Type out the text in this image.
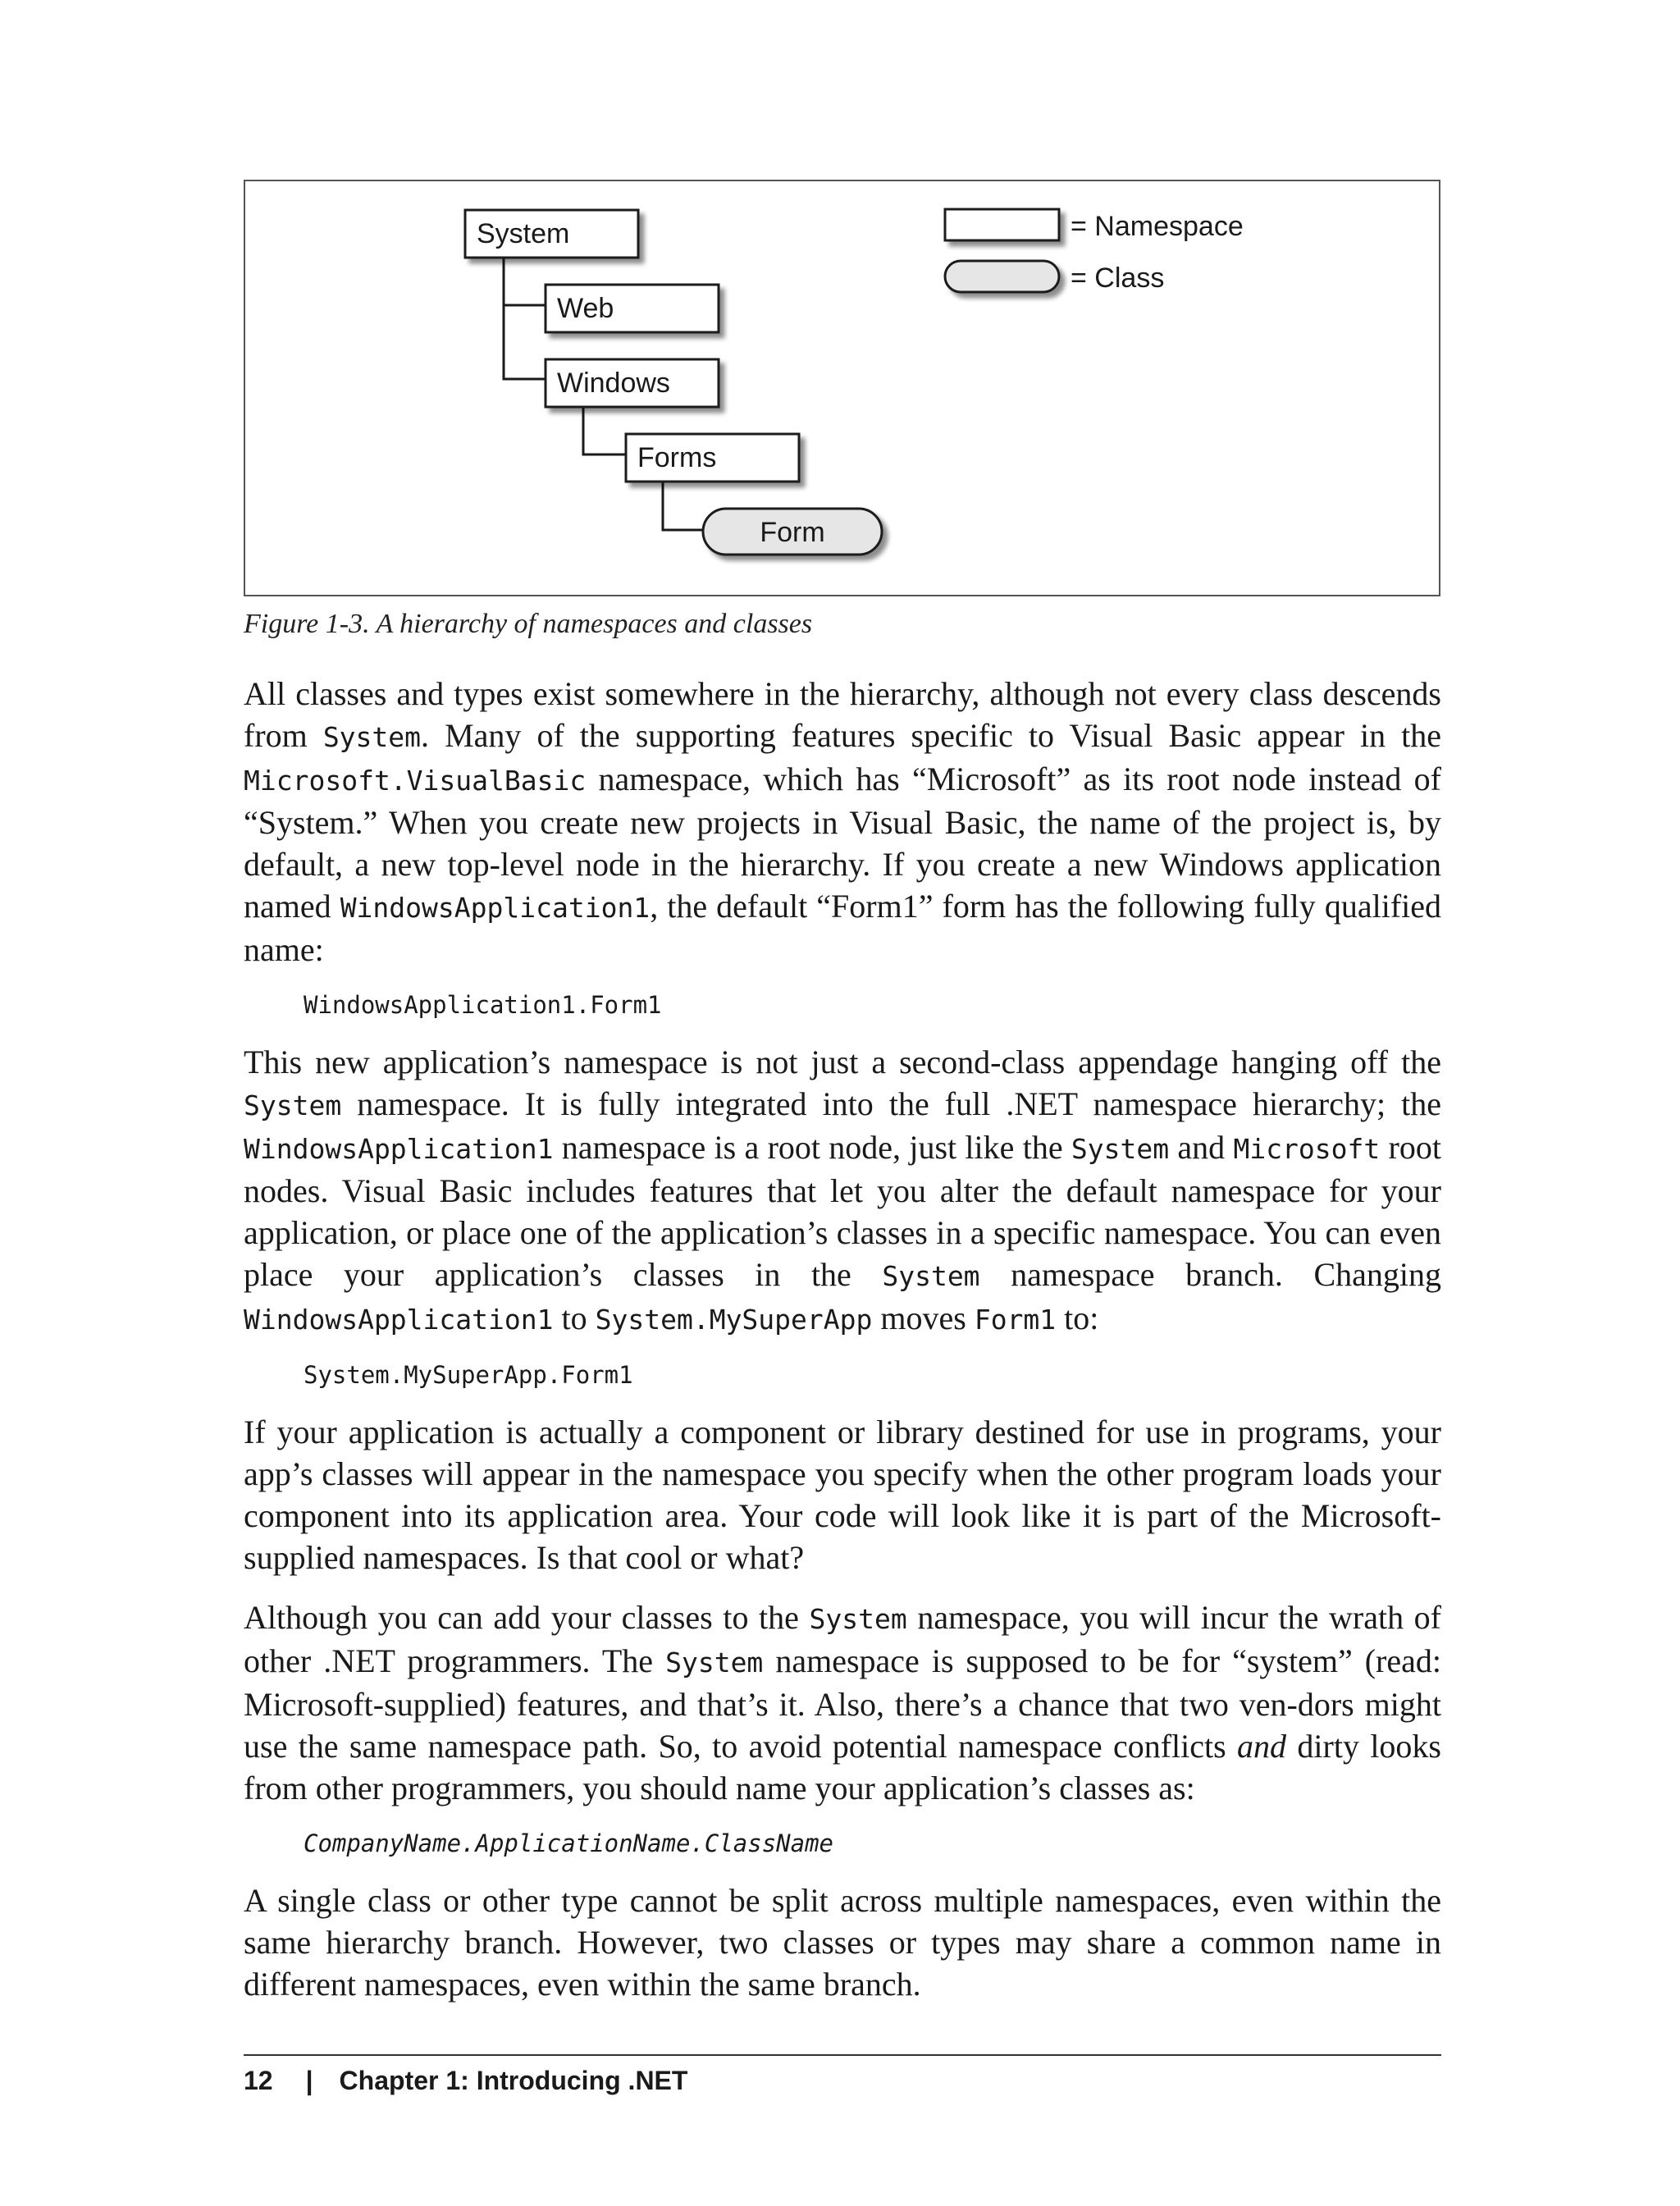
System
Web
Windows
Forms
Form
= Namespace
= Class
Figure 1-3. A hierarchy of namespaces and classes

All classes and types exist somewhere in the hierarchy, although not every class descends from System. Many of the supporting features specific to Visual Basic appear in the Microsoft.VisualBasic namespace, which has “Microsoft” as its root node instead of “System.” When you create new projects in Visual Basic, the name of the project is, by default, a new top-level node in the hierarchy. If you create a new Windows application named WindowsApplication1, the default “Form1” form has the following fully qualified name:

WindowsApplication1.Form1

This new application’s namespace is not just a second-class appendage hanging off the System namespace. It is fully integrated into the full .NET namespace hierarchy; the WindowsApplication1 namespace is a root node, just like the System and Microsoft root nodes. Visual Basic includes features that let you alter the default namespace for your application, or place one of the application’s classes in a specific namespace. You can even place your application’s classes in the System namespace branch. Changing WindowsApplication1 to System.MySuperApp moves Form1 to:

System.MySuperApp.Form1

If your application is actually a component or library destined for use in programs, your app’s classes will appear in the namespace you specify when the other program loads your component into its application area. Your code will look like it is part of the Microsoft-supplied namespaces. Is that cool or what?

Although you can add your classes to the System namespace, you will incur the wrath of other .NET programmers. The System namespace is supposed to be for “system” (read: Microsoft-supplied) features, and that’s it. Also, there’s a chance that two ven-dors might use the same namespace path. So, to avoid potential namespace conflicts and dirty looks from other programmers, you should name your application’s classes as:

CompanyName.ApplicationName.ClassName

A single class or other type cannot be split across multiple namespaces, even within the same hierarchy branch. However, two classes or types may share a common name in different namespaces, even within the same branch.

12 | Chapter 1: Introducing .NET
